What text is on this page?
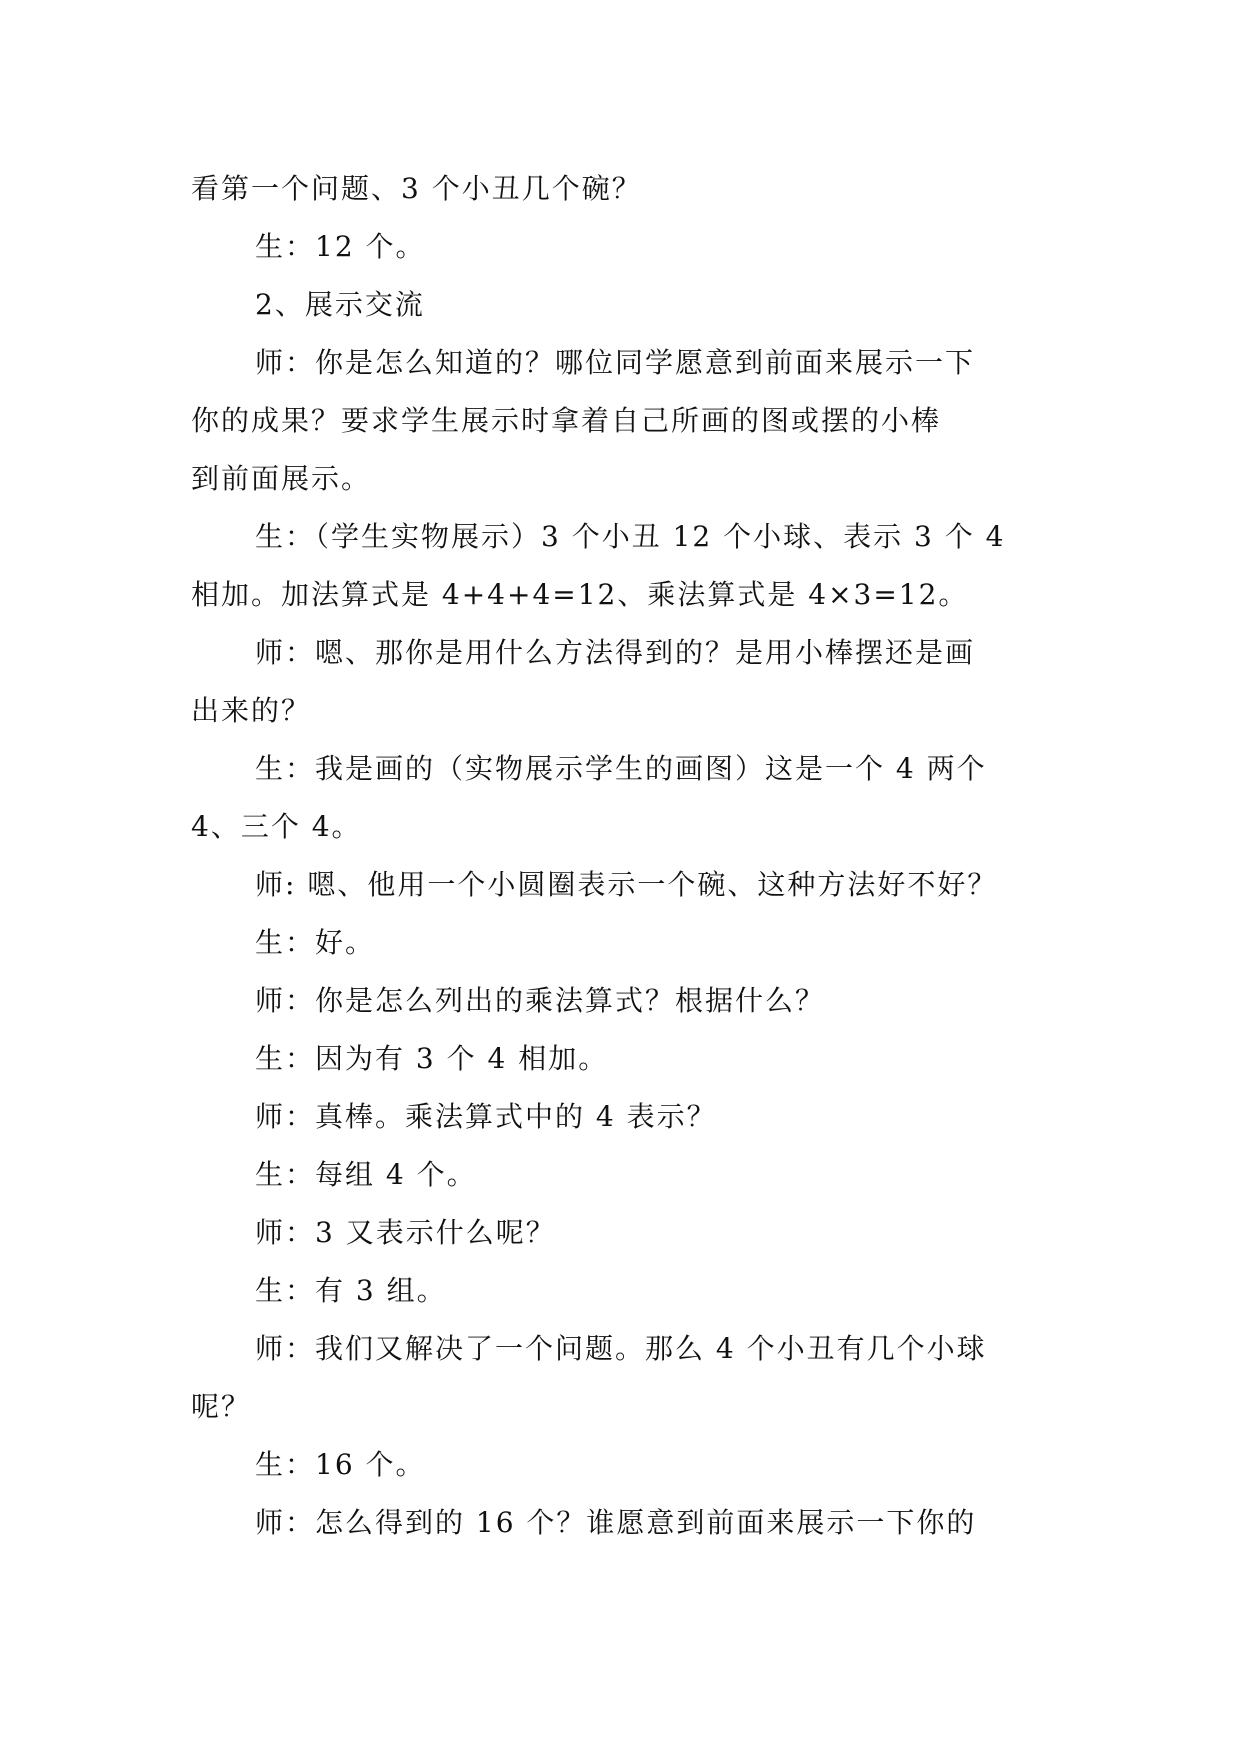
看第一个问题、3 个小丑几个碗？
生：12 个。
2、展示交流
师：你是怎么知道的？哪位同学愿意到前面来展示一下
你的成果？要求学生展示时拿着自己所画的图或摆的小棒
到前面展示。
生：（学生实物展示）3 个小丑 12 个小球、表示 3 个 4
相加。加法算式是 4+4+4=12、乘法算式是 4×3=12。
师：嗯、那你是用什么方法得到的？是用小棒摆还是画
出来的？
生：我是画的（实物展示学生的画图）这是一个 4 两个
4、三个 4。
师: 嗯、他用一个小圆圈表示一个碗、这种方法好不好？
生：好。
师：你是怎么列出的乘法算式？根据什么？
生：因为有 3 个 4 相加。
师：真棒。乘法算式中的 4 表示？
生：每组 4 个。
师：3 又表示什么呢？
生：有 3 组。
师：我们又解决了一个问题。那么 4 个小丑有几个小球
呢？
生：16 个。
师：怎么得到的 16 个？谁愿意到前面来展示一下你的
